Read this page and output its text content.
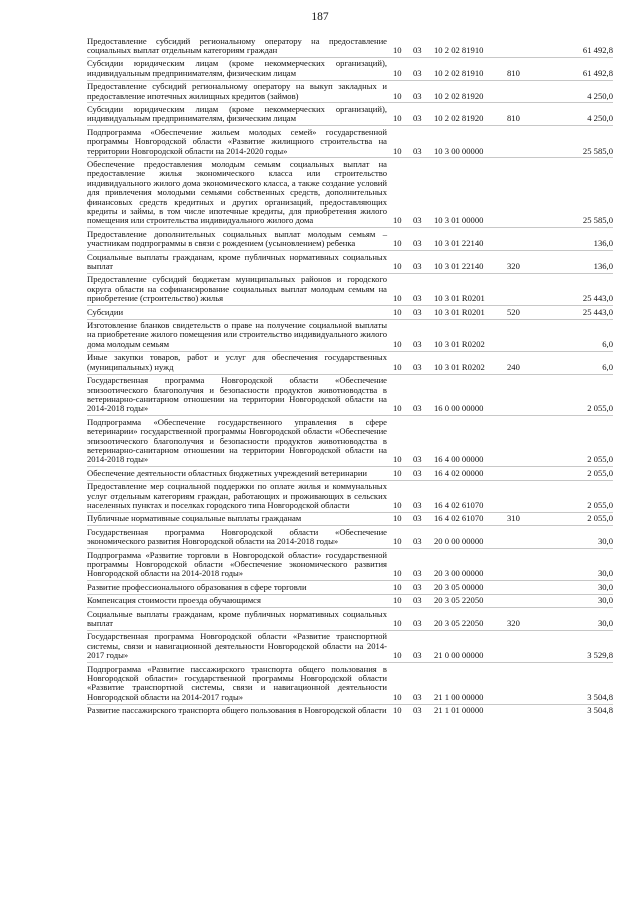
187
Предоставление субсидий региональному оператору на предоставление социальных выплат отдельным категориям граждан	10	03	10 2 02 81910		61 492,8
Субсидии юридическим лицам (кроме некоммерческих организаций), индивидуальным предпринимателям, физическим лицам	10	03	10 2 02 81910	810	61 492,8
Предоставление субсидий региональному оператору на выкуп закладных и предоставление ипотечных жилищных кредитов (займов)	10	03	10 2 02 81920		4 250,0
Субсидии юридическим лицам (кроме некоммерческих организаций), индивидуальным предпринимателям, физическим лицам	10	03	10 2 02 81920	810	4 250,0
Подпрограмма «Обеспечение жильем молодых семей» государственной программы Новгородской области «Развитие жилищного строительства на территории Новгородской области на 2014-2020 годы»	10	03	10 3 00 00000		25 585,0
Обеспечение предоставления молодым семьям социальных выплат на предоставление жилья экономического класса или строительство индивидуального жилого дома экономического класса, а также создание условий для привлечения молодыми семьями собственных средств, дополнительных финансовых средств кредитных и других организаций, предоставляющих кредиты и займы, в том числе ипотечные кредиты, для приобретения жилого помещения или строительства индивидуального жилого дома	10	03	10 3 01 00000		25 585,0
Предоставление дополнительных социальных выплат молодым семьям – участникам подпрограммы в связи с рождением (усыновлением) ребенка	10	03	10 3 01 22140		136,0
Социальные выплаты гражданам, кроме публичных нормативных социальных выплат	10	03	10 3 01 22140	320	136,0
Предоставление субсидий бюджетам муниципальных районов и городского округа области на софинансирование социальных выплат молодым семьям на приобретение (строительство) жилья	10	03	10 3 01 R0201		25 443,0
Субсидии	10	03	10 3 01 R0201	520	25 443,0
Изготовление бланков свидетельств о праве на получение социальной выплаты на приобретение жилого помещения или строительство индивидуального жилого дома молодым семьям	10	03	10 3 01 R0202		6,0
Иные закупки товаров, работ и услуг для обеспечения государственных (муниципальных) нужд	10	03	10 3 01 R0202	240	6,0
Государственная программа Новгородской области «Обеспечение эпизоотического благополучия и безопасности продуктов животноводства в ветеринарно-санитарном отношении на территории Новгородской области на 2014-2018 годы»	10	03	16 0 00 00000		2 055,0
Подпрограмма «Обеспечение государственного управления в сфере ветеринарии» государственной программы Новгородской области «Обеспечение эпизоотического благополучия и безопасности продуктов животноводства в ветеринарно-санитарном отношении на территории Новгородской области на 2014-2018 годы»	10	03	16 4 00 00000		2 055,0
Обеспечение деятельности областных бюджетных учреждений ветеринарии	10	03	16 4 02 00000		2 055,0
Предоставление мер социальной поддержки по оплате жилья и коммунальных услуг отдельным категориям граждан, работающих и проживающих в сельских населенных пунктах и поселках городского типа Новгородской области	10	03	16 4 02 61070		2 055,0
Публичные нормативные социальные выплаты гражданам	10	03	16 4 02 61070	310	2 055,0
Государственная программа Новгородской области «Обеспечение экономического развития Новгородской области на 2014-2018 годы»	10	03	20 0 00 00000		30,0
Подпрограмма «Развитие торговли в Новгородской области» государственной программы Новгородской области «Обеспечение экономического развития Новгородской области на 2014-2018 годы»	10	03	20 3 00 00000		30,0
Развитие профессионального образования в сфере торговли	10	03	20 3 05 00000		30,0
Компенсация стоимости проезда обучающимся	10	03	20 3 05 22050		30,0
Социальные выплаты гражданам, кроме публичных нормативных социальных выплат	10	03	20 3 05 22050	320	30,0
Государственная программа Новгородской области «Развитие транспортной системы, связи и навигационной деятельности Новгородской области на 2014-2017 годы»	10	03	21 0 00 00000		3 529,8
Подпрограмма «Развитие пассажирского транспорта общего пользования в Новгородской области» государственной программы Новгородской области «Развитие транспортной системы, связи и навигационной деятельности Новгородской области на 2014-2017 годы»	10	03	21 1 00 00000		3 504,8
Развитие пассажирского транспорта общего пользования в Новгородской области	10	03	21 1 01 00000		3 504,8
